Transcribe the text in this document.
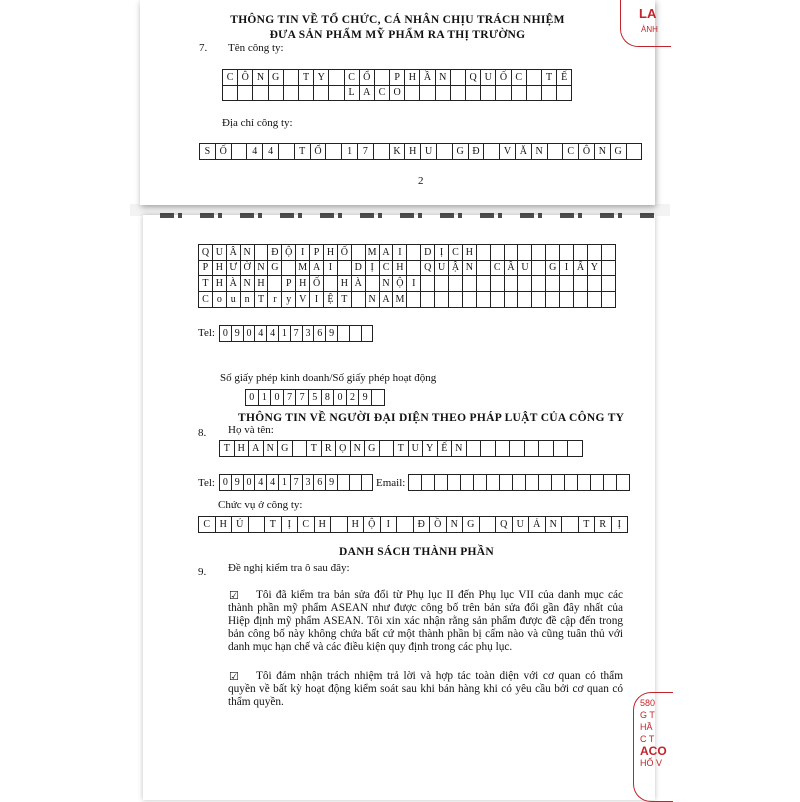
THÔNG TIN VỀ TỔ CHỨC, CÁ NHÂN CHỊU TRÁCH NHIỆM
ĐƯA SẢN PHẨM MỸ PHẨM RA THỊ TRƯỜNG
7. Tên công ty:
C Ô N G	T Y	C Ổ	P H Ầ N	Q U Ố C	T Ế
L A C O
Địa chỉ công ty:
S Ố	4	4	T Ổ	1	7	K H U	G Đ	V Ă N	C Ô N G
2
LA
ÀNH
Q U Â N	Đ Ộ I P H Ố	M A I	D Ị C H
P H Ư Ờ N G	M A I	D Ị C H	Q U Ậ N	C Ầ U	G I Ấ Y
T H À N H	P H Ố	H À	N Ộ I
C o u n T r y V I Ệ T	N A M
Tel: 0 9 0 4 4 1 7 3 6 9
Số giấy phép kinh doanh/Số giấy phép hoạt động
0 1 0 7 7 5 8 0 2 9
THÔNG TIN VỀ NGƯỜI ĐẠI DIỆN THEO PHÁP LUẬT CỦA CÔNG TY
8. Họ và tên:
T H A N G	T R Ọ N G	T U Y Ế N
Tel: 0 9 0 4 4 1 7 3 6 9	Email:
Chức vụ ở công ty:
C H Ủ	T	Ị	C H	H Ộ	I	Đ Ồ N G	Q U Ả N	T	R	Ị
DANH SÁCH THÀNH PHẦN
9. Đề nghị kiểm tra ô sau đây:
☑	Tôi đã kiểm tra bản sửa đổi từ Phụ lục II đến Phụ lục VII của danh mục các thành phần mỹ phẩm ASEAN như được công bố trên bản sửa đổi gần đây nhất của Hiệp định mỹ phẩm ASEAN. Tôi xin xác nhận rằng sản phẩm được đề cập đến trong bản công bố này không chứa bất cứ một thành phần bị cấm nào và cũng tuân thủ với danh mục hạn chế và các điều kiện quy định trong các phụ lục.
☑	Tôi đảm nhận trách nhiệm trả lời và hợp tác toàn diện với cơ quan có thẩm quyền về bất kỳ hoạt động kiểm soát sau khi bán hàng khi có yêu cầu bởi cơ quan có thẩm quyền.	580
G T
HẦ
C T
ACO
HỐ V
